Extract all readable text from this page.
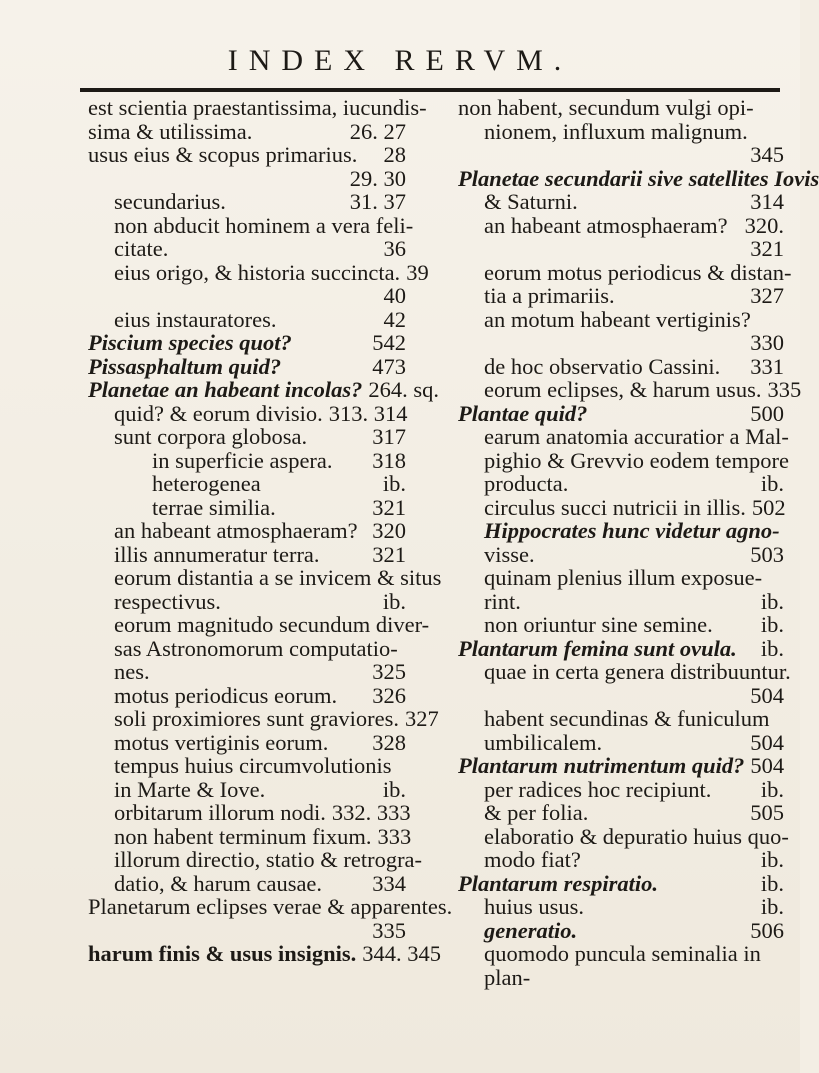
INDEX RERVM.
est scientia praestantissima, iucundis-
sima & utilissima.	26. 27
usus eius & scopus primarius.	28
29. 30
secundarius.	31. 37
non abducit hominem a vera feli-
citate.	36
eius origo, & historia succincta. 39
40
eius instauratores.	42
Piscium species quot?	542
Pissasphaltum quid?	473
Planetae an habeant incolas? 264. sq.
quid? & eorum divisio. 313. 314
sunt corpora globosa.	317
in superficie aspera.	318
heterogenea	ib.
terrae similia.	321
an habeant atmosphaeram? 320
illis annumeratur terra.	321
eorum distantia a se invicem & situs
respectivus.	ib.
eorum magnitudo secundum diver-
sas Astronomorum computatio-
nes.	325
motus periodicus eorum.	326
soli proximiores sunt graviores. 327
motus vertiginis eorum.	328
tempus huius circumvolutionis
in Marte & Iove.	ib.
orbitarum illorum nodi. 332. 333
non habent terminum fixum. 333
illorum directio, statio & retrogra-
datio, & harum causae.	334
Planetarum eclipses verae & apparentes.
335
harum finis & usus insignis. 344. 345
non habent, secundum vulgi opi-
nionem, influxum malignum.
345
Planetae secundarii sive satellites Iovis
& Saturni.	314
an habeant atmosphaeram? 320.
321
eorum motus periodicus & distan-
tia a primariis.	327
an motum habeant vertiginis?
330
de hoc observatio Cassini.	331
eorum eclipses, & harum usus. 335
Plantae quid?	500
earum anatomia accuratior a Mal-
pighio & Grevvio eodem tempore
producta.	ib.
circulus succi nutricii in illis. 502
Hippocrates hunc videtur agno-
visse.	503
quinam plenius illum exposue-
rint.	ib.
non oriuntur sine semine.	ib.
Plantarum femina sunt ovula.	ib.
quae in certa genera distribuuntur.
504
habent secundinas & funiculum
umbilicalem.	504
Plantarum nutrimentum quid? 504
per radices hoc recipiunt.	ib.
& per folia.	505
elaboratio & depuratio huius quo-
modo fiat?	ib.
Plantarum respiratio.	ib.
huius usus.	ib.
generatio.	506
quomodo puncula seminalia in
plan-
